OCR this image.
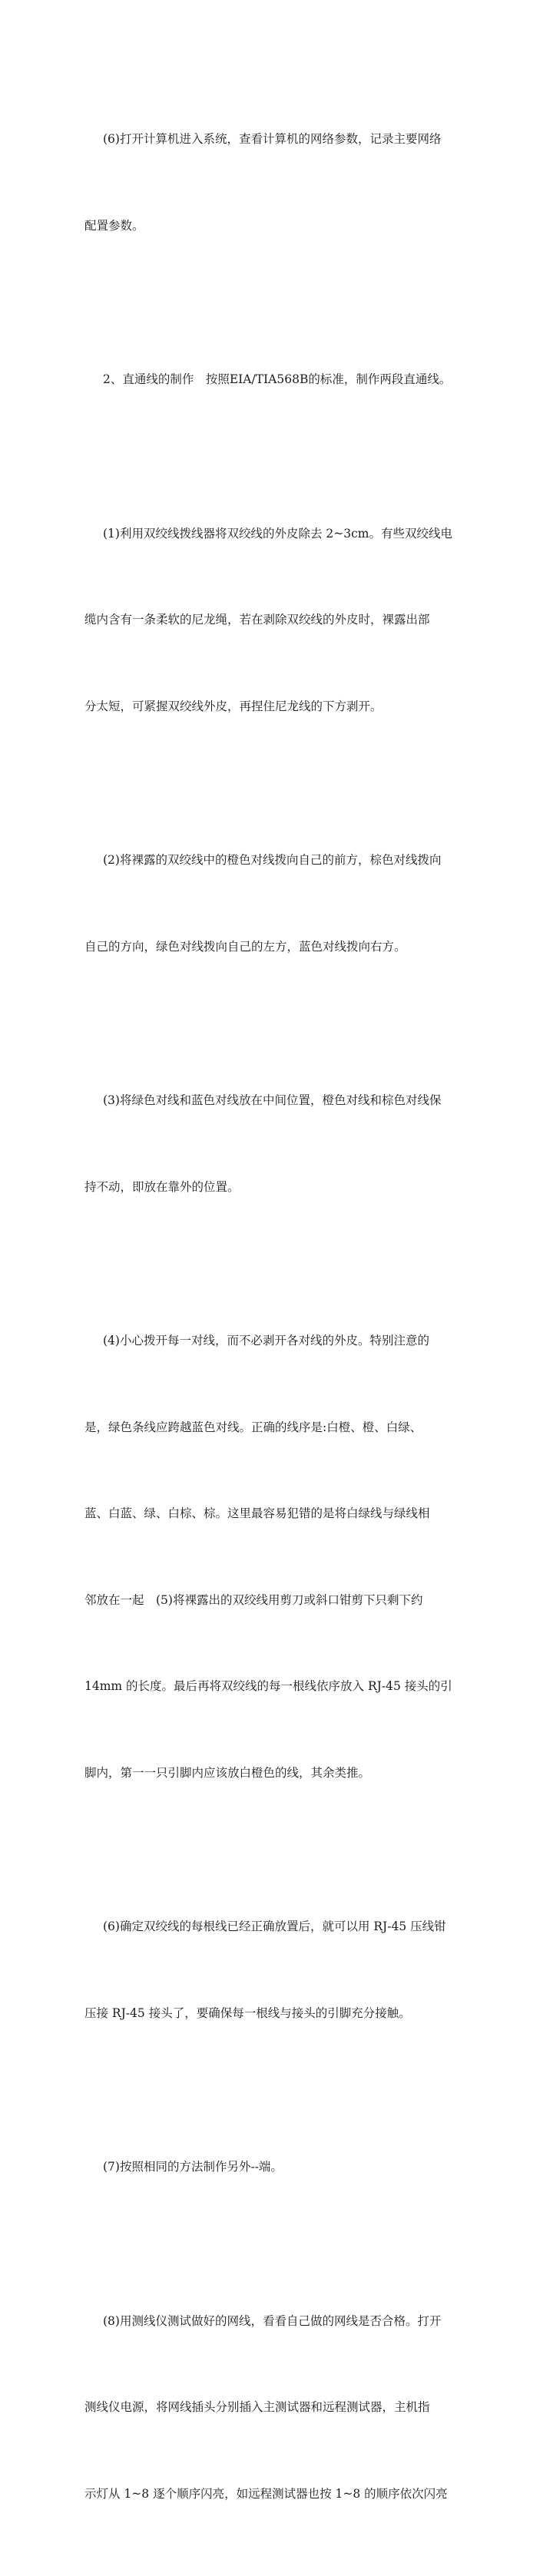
(6)打开计算机进入系统，查看计算机的网络参数，记录主要网络

配置参数。

2、直通线的制作　按照EIA/TIA568B的标准，制作两段直通线。

(1)利用双绞线拨线器将双绞线的外皮除去 2~3cm。有些双绞线电

缆内含有一条柔软的尼龙绳，若在剥除双绞线的外皮时，裸露出部

分太短，可紧握双绞线外皮，再捏住尼龙线的下方剥开。

(2)将裸露的双绞线中的橙色对线拨向自己的前方，棕色对线拨向

自己的方向，绿色对线拨向自己的左方，蓝色对线拨向右方。

(3)将绿色对线和蓝色对线放在中间位置，橙色对线和棕色对线保

持不动，即放在靠外的位置。

(4)小心拨开每一对线，而不必剥开各对线的外皮。特别注意的

是，绿色条线应跨越蓝色对线。正确的线序是:白橙、橙、白绿、

蓝、白蓝、绿、白棕、棕。这里最容易犯错的是将白绿线与绿线相

邻放在一起　(5)将裸露出的双绞线用剪刀或斜口钳剪下只剩下约

14mm 的长度。最后再将双绞线的每一根线依序放入 RJ-45 接头的引

脚内，第一一只引脚内应该放白橙色的线，其余类推。

(6)确定双绞线的每根线已经正确放置后，就可以用 RJ-45 压线钳

压接 RJ-45 接头了，要确保每一根线与接头的引脚充分接触。

(7)按照相同的方法制作另外--端。

(8)用测线仪测试做好的网线，看看自己做的网线是否合格。打开

测线仪电源，将网线插头分别插入主测试器和远程测试器，主机指

示灯从 1~8 逐个顺序闪亮，如远程测试器也按 1~8 的顺序依次闪亮
